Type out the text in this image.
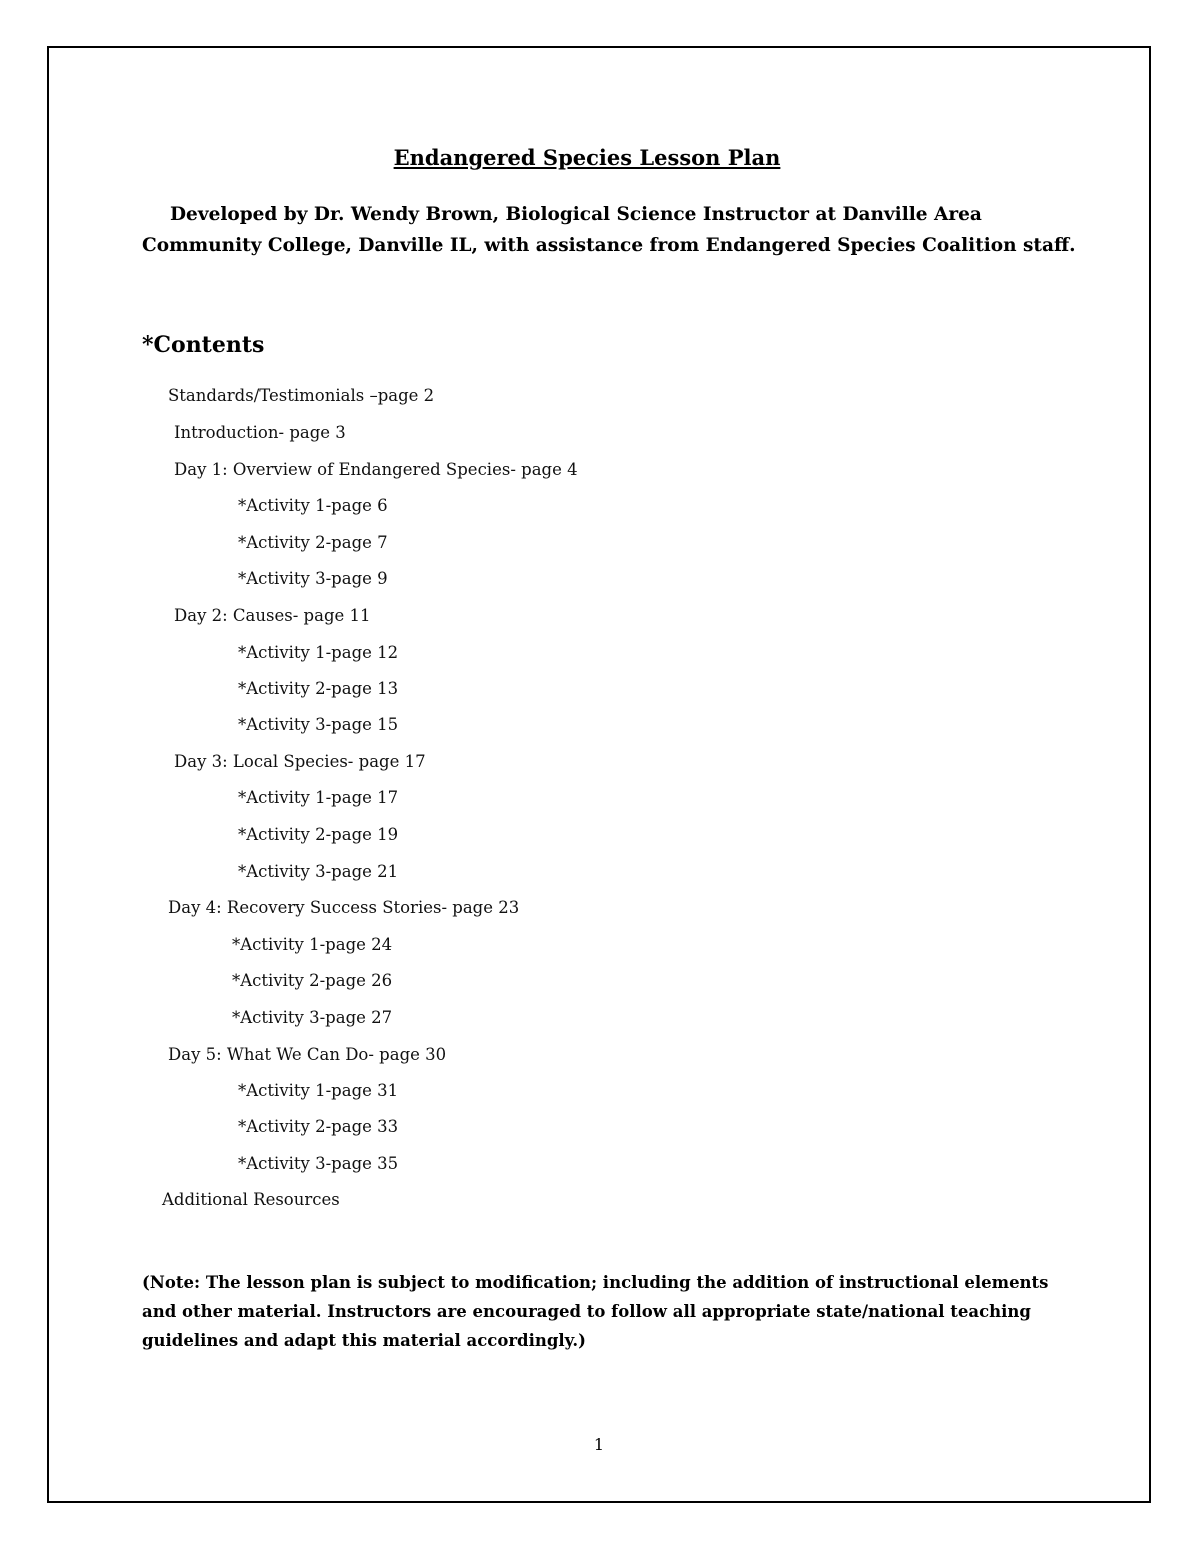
Endangered Species Lesson Plan
Developed by Dr. Wendy Brown, Biological Science Instructor at Danville Area
Community College, Danville IL, with assistance from Endangered Species Coalition staff.
*Contents
Standards/Testimonials –page 2
Introduction- page 3
Day 1: Overview of Endangered Species- page 4
*Activity 1-page 6
*Activity 2-page 7
*Activity 3-page 9
Day 2: Causes- page 11
*Activity 1-page 12
*Activity 2-page 13
*Activity 3-page 15
Day 3: Local Species- page 17
*Activity 1-page 17
*Activity 2-page 19
*Activity 3-page 21
Day 4: Recovery Success Stories- page 23
*Activity 1-page 24
*Activity 2-page 26
*Activity 3-page 27
Day 5: What We Can Do- page 30
*Activity 1-page 31
*Activity 2-page 33
*Activity 3-page 35
Additional Resources
(Note: The lesson plan is subject to modification; including the addition of instructional elements
and other material. Instructors are encouraged to follow all appropriate state/national teaching
guidelines and adapt this material accordingly.)
1
